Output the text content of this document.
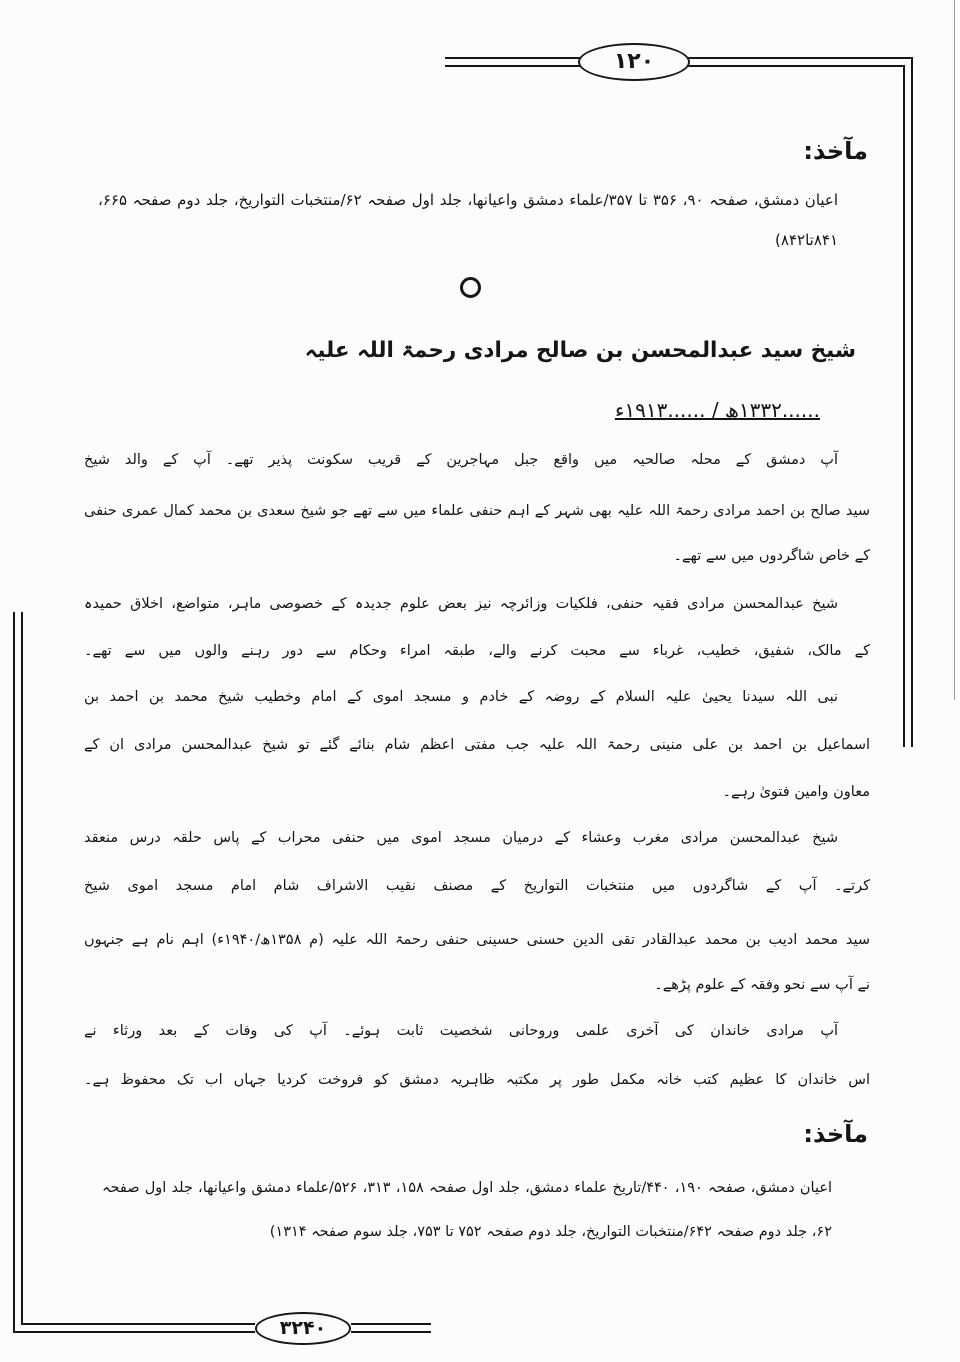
۱۲۰
۳۲۴۰
مآخذ:
اعیان دمشق، صفحہ ۹۰، ۳۵۶ تا ۳۵۷/علماء دمشق واعیانھا، جلد اول صفحہ ۶۲/منتخبات التواریخ، جلد دوم صفحہ ۶۶۵،
۸۴۱تا۸۴۲)
شیخ سید عبدالمحسن بن صالح مرادی رحمۃ اللہ علیہ
......۱۳۳۲ھ / ......۱۹۱۳ء
آپ دمشق کے محلہ صالحیہ میں واقع جبل مہاجرین کے قریب سکونت پذیر تھے۔ آپ کے والد شیخ
سید صالح بن احمد مرادی رحمۃ اللہ علیہ بھی شہر کے اہم حنفی علماء میں سے تھے جو شیخ سعدی بن محمد کمال عمری حنفی
کے خاص شاگردوں میں سے تھے۔
شیخ عبدالمحسن مرادی فقیہ حنفی، فلکیات وزائرچہ نیز بعض علوم جدیدہ کے خصوصی ماہر، متواضع، اخلاق حمیدہ
کے مالک، شفیق، خطیب، غرباء سے محبت کرنے والے، طبقہ امراء وحکام سے دور رہنے والوں میں سے تھے۔
نبی اللہ سیدنا یحییٰ علیہ السلام کے روضہ کے خادم و مسجد اموی کے امام وخطیب شیخ محمد بن احمد بن
اسماعیل بن احمد بن علی منینی رحمۃ اللہ علیہ جب مفتی اعظم شام بنائے گئے تو شیخ عبدالمحسن مرادی ان کے
معاون وامین فتویٰ رہے۔
شیخ عبدالمحسن مرادی مغرب وعشاء کے درمیان مسجد اموی میں حنفی محراب کے پاس حلقہ درس منعقد
کرتے۔ آپ کے شاگردوں میں منتخبات التواریخ کے مصنف نقیب الاشراف شام امام مسجد اموی شیخ
سید محمد ادیب بن محمد عبدالقادر تقی الدین حسنی حسینی حنفی رحمۃ اللہ علیہ (م ۱۳۵۸ھ/۱۹۴۰ء) اہم نام ہے جنہوں
نے آپ سے نحو وفقہ کے علوم پڑھے۔
آپ مرادی خاندان کی آخری علمی وروحانی شخصیت ثابت ہوئے۔ آپ کی وفات کے بعد ورثاء نے
اس خاندان کا عظیم کتب خانہ مکمل طور پر مکتبہ ظاہریہ دمشق کو فروخت کردیا جہاں اب تک محفوظ ہے۔
مآخذ:
اعیان دمشق، صفحہ ۱۹۰، ۴۴۰/تاریخ علماء دمشق، جلد اول صفحہ ۱۵۸، ۳۱۳، ۵۲۶/علماء دمشق واعیانھا، جلد اول صفحہ
۶۲، جلد دوم صفحہ ۶۴۲/منتخبات التواریخ، جلد دوم صفحہ ۷۵۲ تا ۷۵۳، جلد سوم صفحہ ۱۳۱۴)
